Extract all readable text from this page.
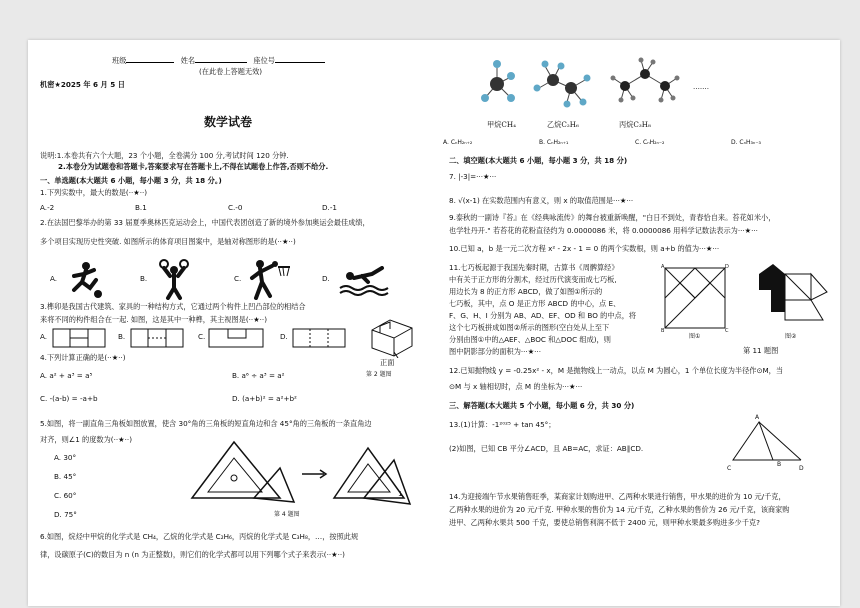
班级	姓名	座位号
(在此卷上答题无效)
机密★2025 年 6 月 5 日
数学试卷
说明:1.本卷共有六个大题，23 个小题，全卷满分 100 分,考试时间 120 分钟.
2.本卷分为试题卷和答题卡,答案要求写在答题卡上,不得在试题卷上作答,否则不给分.
一、单选题(本大题共 6 小题，每小题 3 分，共 18 分。)
1.下列实数中，最大的数是(··★··)
A.-2	B.1	C.-0	D.-1
2.在法国巴黎举办的第 33 届夏季奥林匹克运动会上，中国代表团创造了新的境外参加奥运会最佳成绩，
多个项目实现历史性突破. 如图所示的体育项目图案中，是轴对称图形的是(··★··)
A.	B.	C.	D.
3.榫卯是我国古代建筑、家具的一种结构方式，它通过两个构件上凹凸部位的相结合
来将不同的构件组合在一起. 如图，这是其中一种榫，其主视图是(··★··)
A.	B.	C.	D.
正面
第 2 题图
4.下列计算正确的是(··★··)
A. a² + a³ = a⁵	B. a⁶ ÷ a³ = a²
C. -(a-b) = -a+b	D. (a+b)² = a²+b²
5.如图，将一副直角三角板如图放置，使含 30°角的三角板的短直角边和含 45°角的三角板的一条直角边
对齐，则∠1 的度数为(··★··)
A. 30°
B. 45°
C. 60°
D. 75°
1
第 4 题图
6.如图，烷烃中甲烷的化学式是 CH₄，乙烷的化学式是 C₂H₆，丙烷的化学式是 C₃H₈，…，按照此规
律，设碳原子(C)的数目为 n (n 为正整数)，则它们的化学式都可以用下列哪个式子来表示(··★··)
·······
甲烷CH₄	乙烷C₂H₆	丙烷C₃H₈
A. CₙH₂ₙ₊₂	B. CₙH₂ₙ₊₁	C. CₙH₂ₙ₋₂	D. CₙH₃ₙ₋₃
二、填空题(本大题共 6 小题，每小题 3 分，共 18 分)
7. |-3|=···★···
8. √(x-1) 在实数范围内有意义，则 x 的取值范围是···★···
9.泰秋的一副诗『苔』在《经典咏流传》的舞台被重新唤醒，"白日不到处，青春恰自来。苔花如米小，
也学牡丹开." 若苔花的花粉直径约为 0.0000086 米，将 0.0000086 用科学记数法表示为···★···
10.已知 a，b 是一元二次方程 x² - 2x - 1 = 0 的两个实数根，则 a+b 的值为···★···
11.七巧板起源于我国先秦时期，古算书《周髀算经》
中有关于正方形的分割术，经过历代演变而成七巧板,
用边长为 8 的正方形 ABCD，做了如图①所示的
七巧板，其中，点 O 是正方形 ABCD 的中心，点 E、
F、G、H、I 分别为 AB、AD、EF、OD 和 BO 的中点，将
这个七巧板拼成如图②所示的图形(空白处从上至下
分别由图①中的△AEF、△BOC 和△DOC 组成)，则
图中阴影部分的面积为···★···
A	D
B	C
图①	图②
第 11 题图
12.已知抛物线 y = -0.25x² - x，M 是抛物线上一动点，以点 M 为圆心，1 个单位长度为半径作⊙M，当
⊙M 与 x 轴相切时，点 M 的坐标为···★···
三、解答题(本大题共 5 个小题，每小题 6 分，共 30 分)
13.(1)计算：-1²⁰²⁵ + tan 45°；
(2)如图，已知 CB 平分∠ACD，且 AB=AC，求证：AB∥CD.
A
B
C	D
14.为迎接端午节水果销售旺季，某商家计划购进甲、乙两种水果进行销售，甲水果的进价为 10 元/千克，
乙两种水果的进价为 20 元/千克. 甲种水果的售价为 14 元/千克，乙种水果的售价为 26 元/千克，该商家购
进甲、乙两种水果共 500 千克，要使总销售利润不低于 2400 元，则甲种水果最多购进多少千克?
